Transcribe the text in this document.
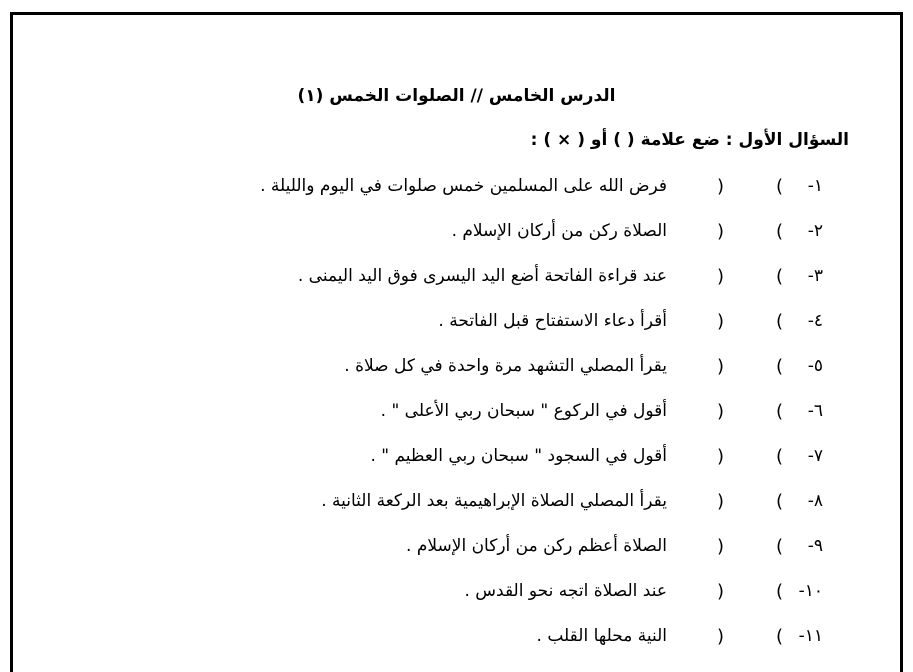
الدرس الخامس // الصلوات الخمس (١)
السؤال الأول : ضع علامة ( ) أو ( × ) :
١-
(
)
فرض الله على المسلمين خمس صلوات في اليوم والليلة .
٢-
(
)
الصلاة ركن من أركان الإسلام .
٣-
(
)
عند قراءة الفاتحة أضع اليد اليسرى فوق اليد اليمنى .
٤-
(
)
أقرأ دعاء الاستفتاح قبل الفاتحة .
٥-
(
)
يقرأ المصلي التشهد مرة واحدة في كل صلاة .
٦-
(
)
أقول في الركوع " سبحان ربي الأعلى " .
٧-
(
)
أقول في السجود " سبحان ربي العظيم " .
٨-
(
)
يقرأ المصلي الصلاة الإبراهيمية بعد الركعة الثانية .
٩-
(
)
الصلاة أعظم ركن من أركان الإسلام .
١٠-
(
)
عند الصلاة اتجه نحو القدس .
١١-
(
)
النية محلها القلب .
